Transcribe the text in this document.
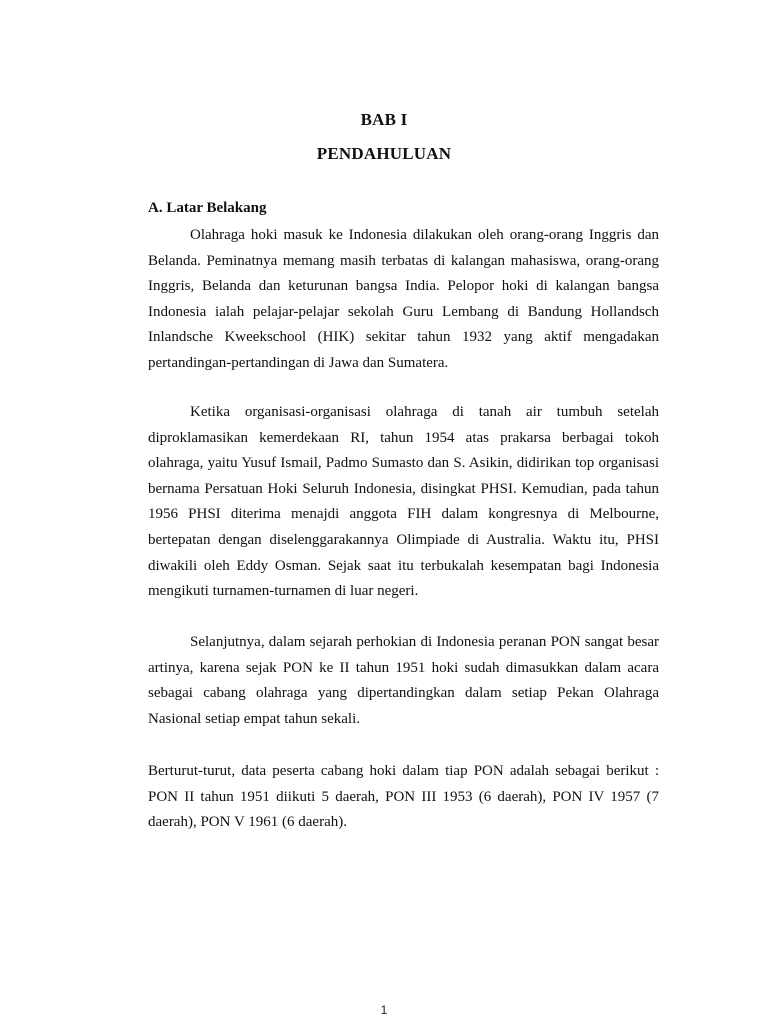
BAB I
PENDAHULUAN
A. Latar Belakang

Olahraga hoki masuk ke Indonesia dilakukan oleh orang-orang Inggris dan Belanda. Peminatnya memang masih terbatas di kalangan mahasiswa, orang-orang Inggris, Belanda dan keturunan bangsa India. Pelopor hoki di kalangan bangsa Indonesia ialah pelajar-pelajar sekolah Guru Lembang di Bandung Hollandsch Inlandsche Kweekschool (HIK) sekitar tahun 1932 yang aktif mengadakan pertandingan-pertandingan di Jawa dan Sumatera.

Ketika organisasi-organisasi olahraga di tanah air tumbuh setelah diproklamasikan kemerdekaan RI, tahun 1954 atas prakarsa berbagai tokoh olahraga, yaitu Yusuf Ismail, Padmo Sumasto dan S. Asikin, didirikan top organisasi bernama Persatuan Hoki Seluruh Indonesia, disingkat PHSI. Kemudian, pada tahun 1956 PHSI diterima menajdi anggota FIH dalam kongresnya di Melbourne, bertepatan dengan diselenggarakannya Olimpiade di Australia. Waktu itu, PHSI diwakili oleh Eddy Osman. Sejak saat itu terbukalah kesempatan bagi Indonesia mengikuti turnamen-turnamen di luar negeri.

Selanjutnya, dalam sejarah perhokian di Indonesia peranan PON sangat besar artinya, karena sejak PON ke II tahun 1951 hoki sudah dimasukkan dalam acara sebagai cabang olahraga yang dipertandingkan dalam setiap Pekan Olahraga Nasional setiap empat tahun sekali.

Berturut-turut, data peserta cabang hoki dalam tiap PON adalah sebagai berikut : PON II tahun 1951 diikuti 5 daerah, PON III 1953 (6 daerah), PON IV 1957 (7 daerah), PON V 1961 (6 daerah).

1
